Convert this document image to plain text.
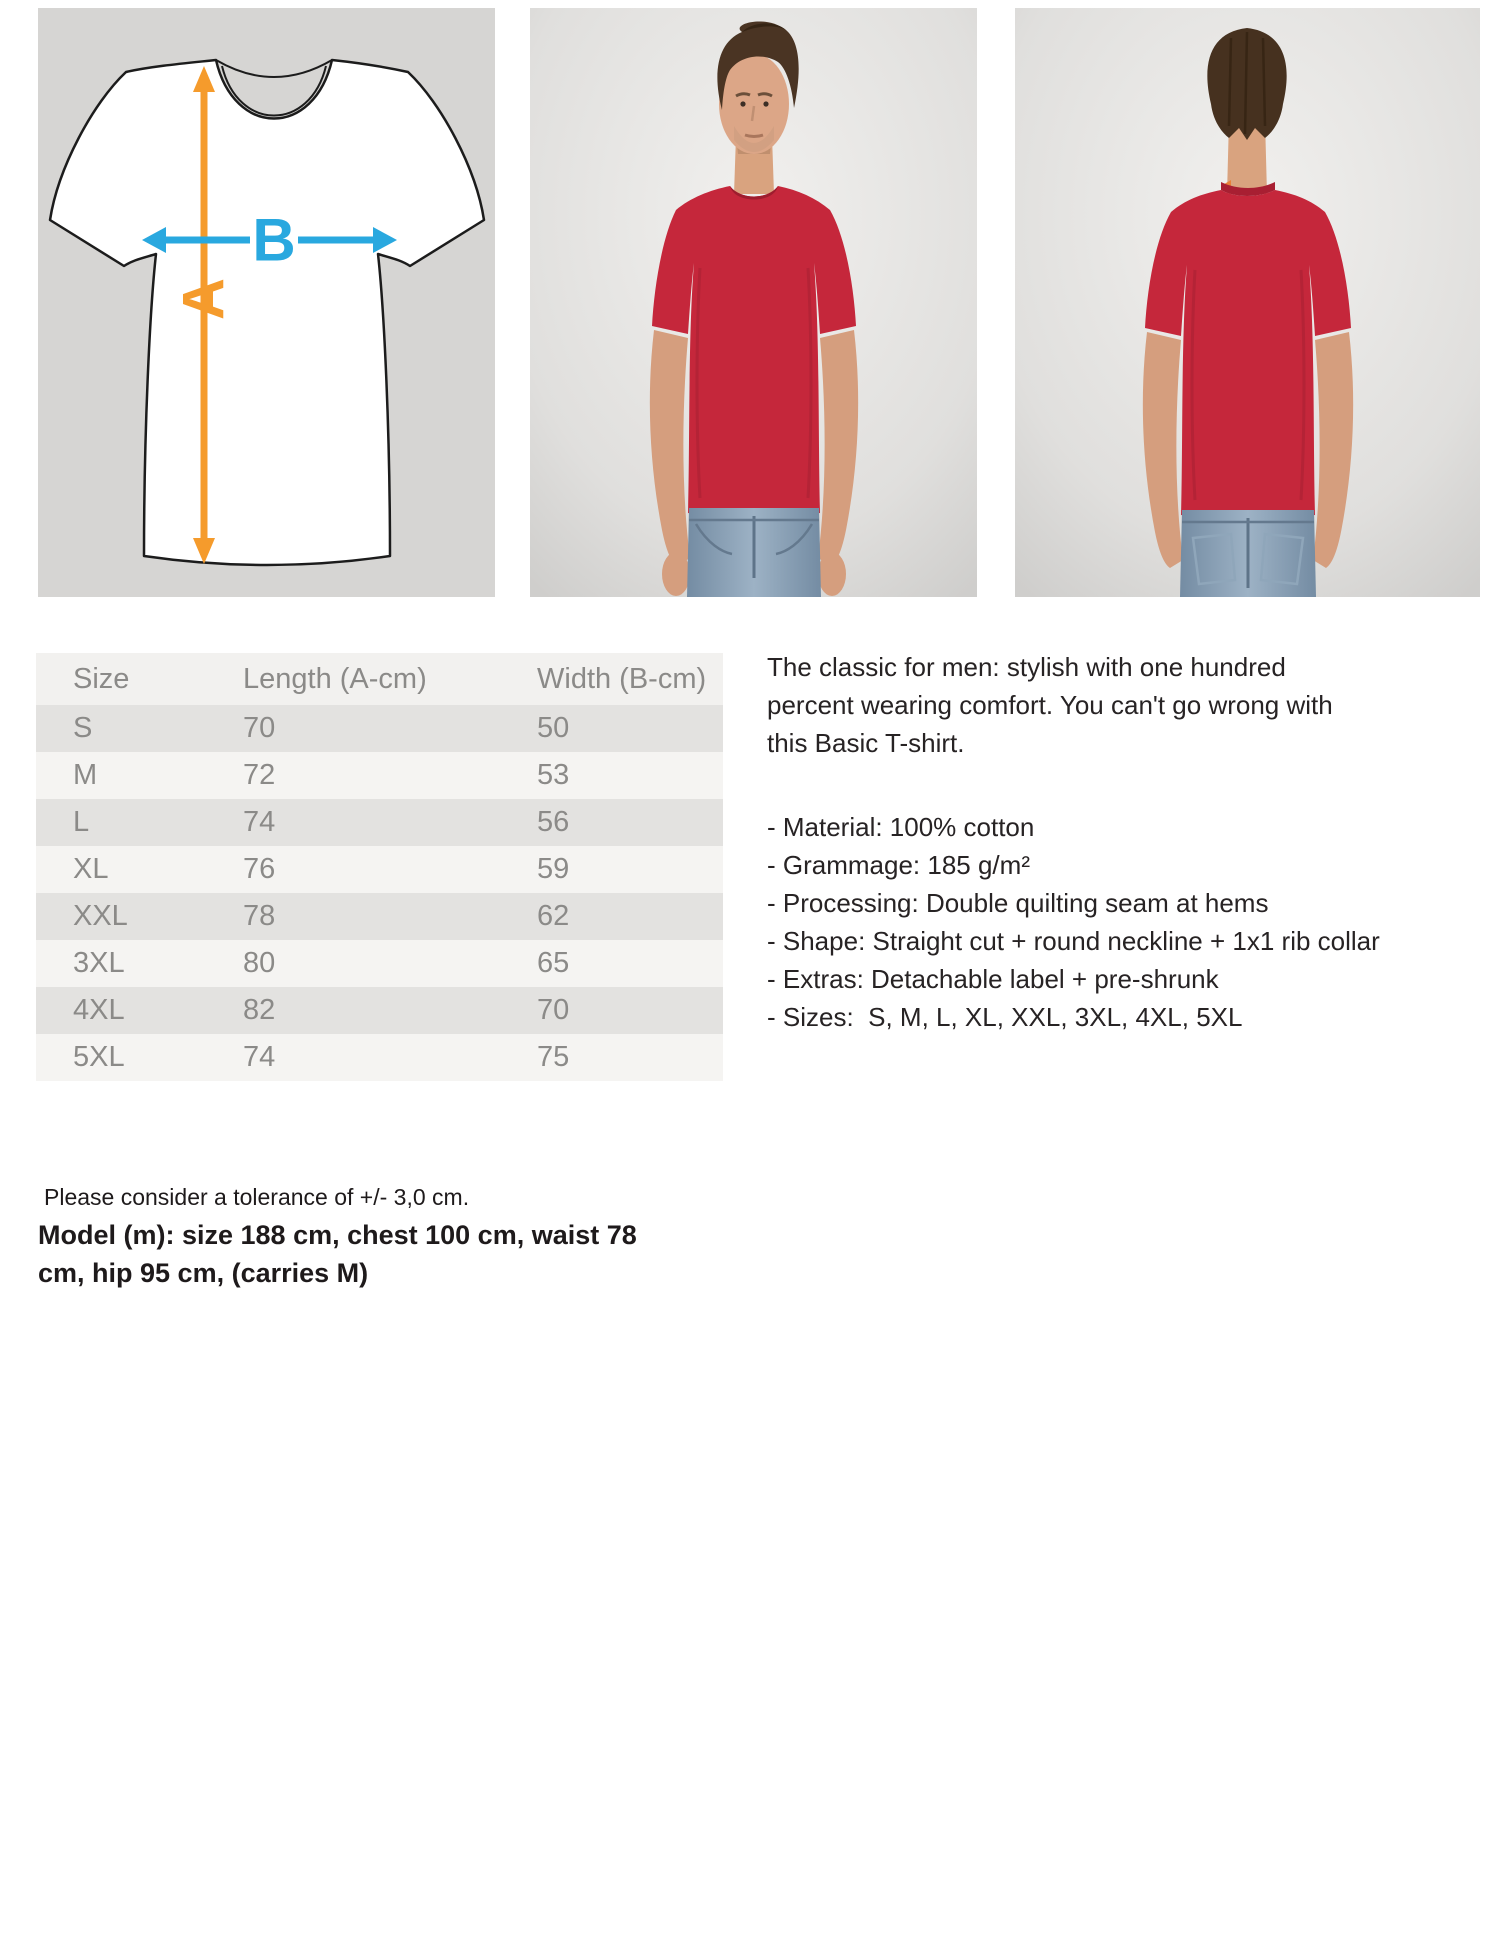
A
B
Size	Length (A-cm)	Width (B-cm)
S	70	50
M	72	53
L	74	56
XL	76	59
XXL	78	62
3XL	80	65
4XL	82	70
5XL	74	75
The classic for men: stylish with one hundred
percent wearing comfort. You can't go wrong with
this Basic T-shirt.
- Material: 100% cotton
- Grammage: 185 g/m²
- Processing: Double quilting seam at hems
- Shape: Straight cut + round neckline + 1x1 rib collar
- Extras: Detachable label + pre-shrunk
- Sizes:  S, M, L, XL, XXL, 3XL, 4XL, 5XL
Please consider a tolerance of +/- 3,0 cm.
Model (m): size 188 cm, chest 100 cm, waist 78
cm, hip 95 cm, (carries M)
